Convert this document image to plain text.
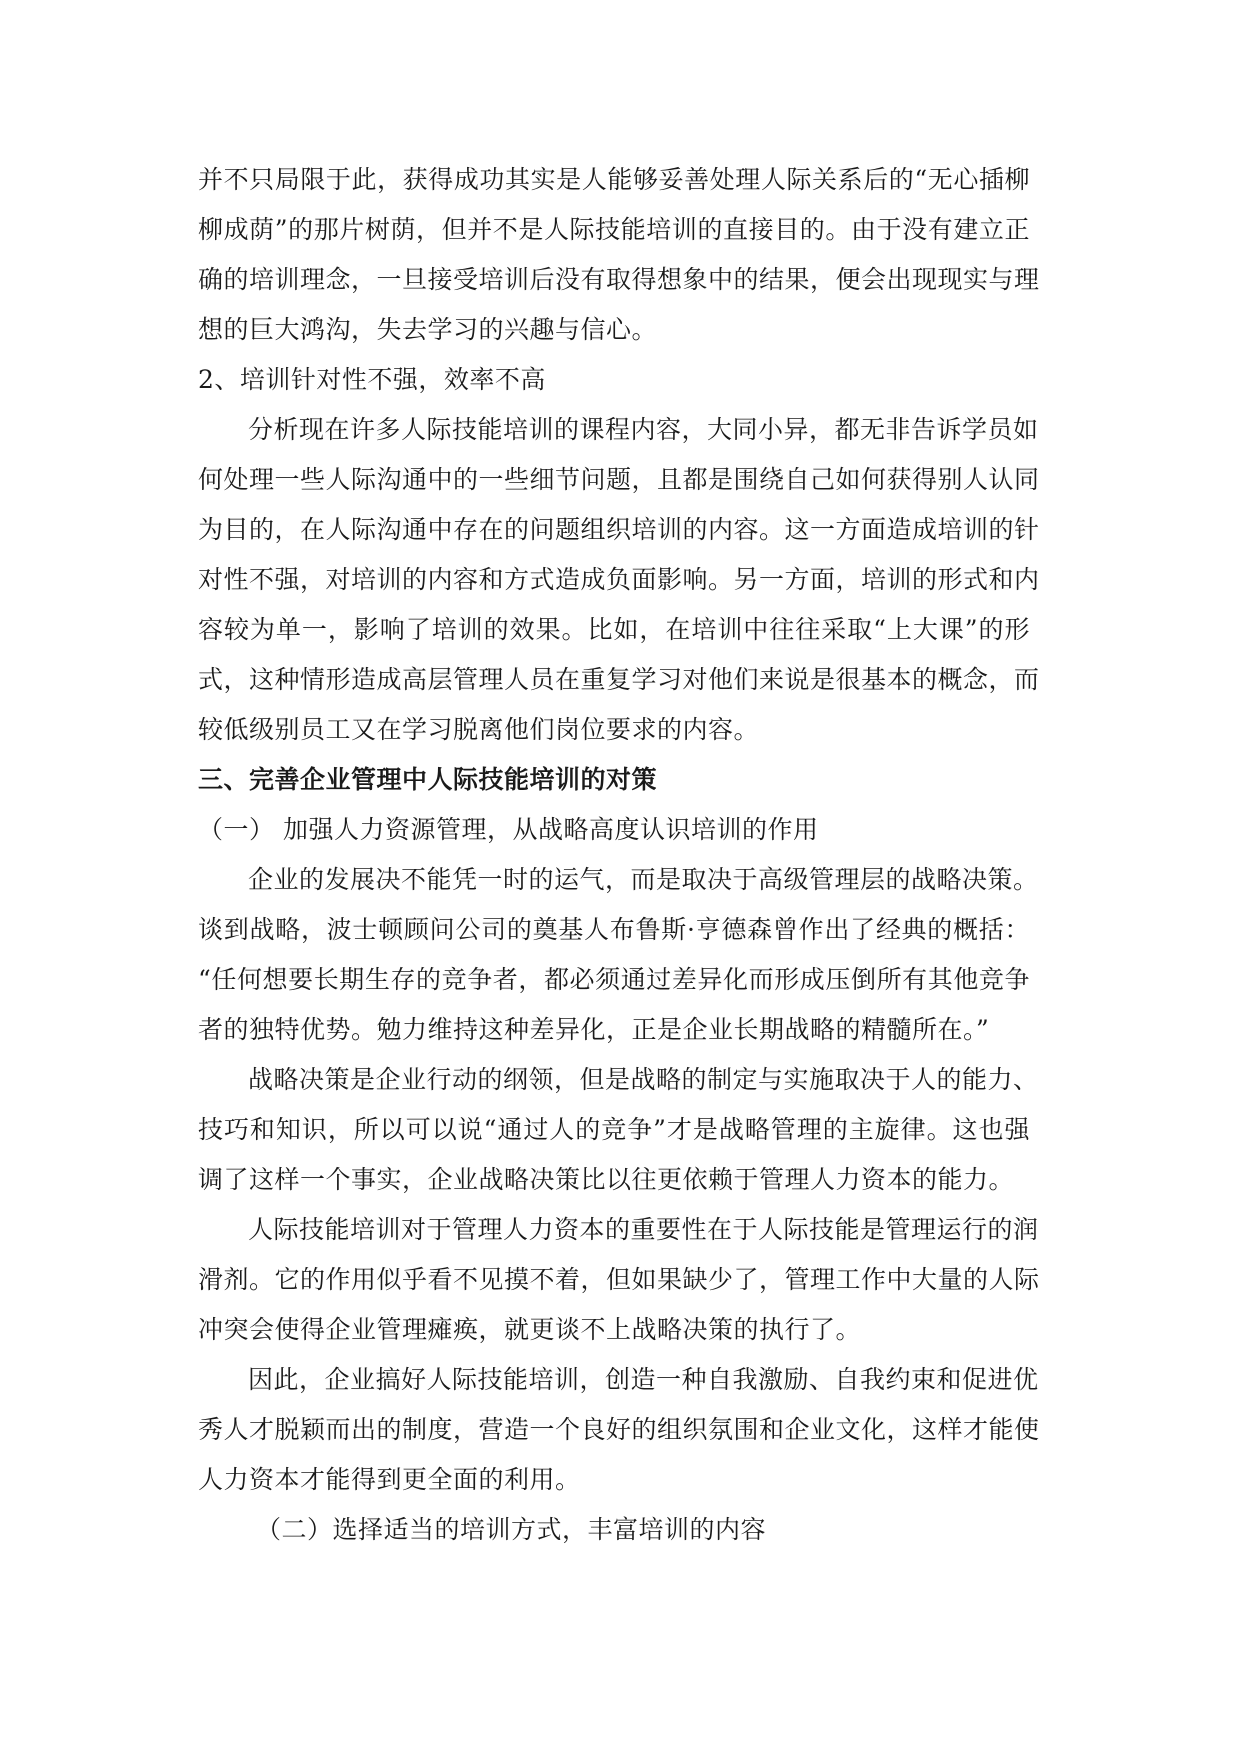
并不只局限于此，获得成功其实是人能够妥善处理人际关系后的“无心插柳
柳成荫”的那片树荫，但并不是人际技能培训的直接目的。由于没有建立正
确的培训理念，一旦接受培训后没有取得想象中的结果，便会出现现实与理
想的巨大鸿沟，失去学习的兴趣与信心。
2、培训针对性不强，效率不高
分析现在许多人际技能培训的课程内容，大同小异，都无非告诉学员如
何处理一些人际沟通中的一些细节问题，且都是围绕自己如何获得别人认同
为目的，在人际沟通中存在的问题组织培训的内容。这一方面造成培训的针
对性不强，对培训的内容和方式造成负面影响。另一方面，培训的形式和内
容较为单一，影响了培训的效果。比如，在培训中往往采取“上大课”的形
式，这种情形造成高层管理人员在重复学习对他们来说是很基本的概念，而
较低级别员工又在学习脱离他们岗位要求的内容。
三、完善企业管理中人际技能培训的对策
（一） 加强人力资源管理，从战略高度认识培训的作用
企业的发展决不能凭一时的运气，而是取决于高级管理层的战略决策。
谈到战略，波士顿顾问公司的奠基人布鲁斯·亨德森曾作出了经典的概括：
“任何想要长期生存的竞争者，都必须通过差异化而形成压倒所有其他竞争
者的独特优势。勉力维持这种差异化，正是企业长期战略的精髓所在。”
战略决策是企业行动的纲领，但是战略的制定与实施取决于人的能力、
技巧和知识，所以可以说“通过人的竞争”才是战略管理的主旋律。这也强
调了这样一个事实，企业战略决策比以往更依赖于管理人力资本的能力。
人际技能培训对于管理人力资本的重要性在于人际技能是管理运行的润
滑剂。它的作用似乎看不见摸不着，但如果缺少了，管理工作中大量的人际
冲突会使得企业管理瘫痪，就更谈不上战略决策的执行了。
因此，企业搞好人际技能培训，创造一种自我激励、自我约束和促进优
秀人才脱颖而出的制度，营造一个良好的组织氛围和企业文化，这样才能使
人力资本才能得到更全面的利用。
（二）选择适当的培训方式，丰富培训的内容
